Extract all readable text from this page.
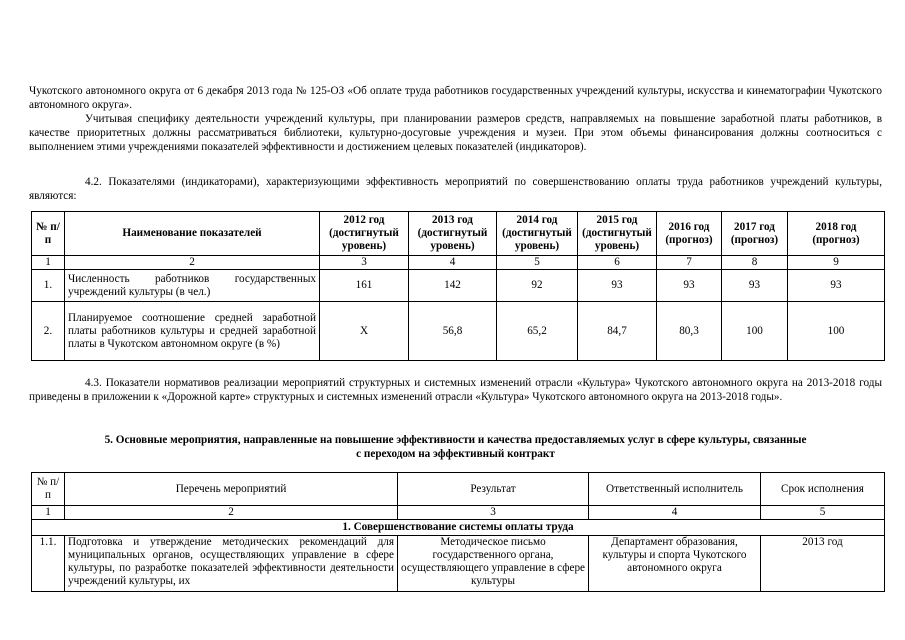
Чукотского автономного округа от 6 декабря 2013 года № 125-ОЗ «Об оплате труда работников государственных учреждений культуры, искусства и кинематографии Чукотского автономного округа».
Учитывая специфику деятельности учреждений культуры, при планировании размеров средств, направляемых на повышение заработной платы работников, в качестве приоритетных должны рассматриваться библиотеки, культурно-досуговые учреждения и музеи. При этом объемы финансирования должны соотноситься с выполнением этими учреждениями показателей эффективности и достижением целевых показателей (индикаторов).
4.2. Показателями (индикаторами), характеризующими эффективность мероприятий по совершенствованию оплаты труда работников учреждений культуры, являются:
№ п/п	Наименование показателей	2012 год (достигнутый уровень)	2013 год (достигнутый уровень)	2014 год (достигнутый уровень)	2015 год (достигнутый уровень)	2016 год (прогноз)	2017 год (прогноз)	2018 год (прогноз)
1	2	3	4	5	6	7	8	9
1.	Численность работников государственных учреждений культуры (в чел.)	161	142	92	93	93	93	93
2.	Планируемое соотношение средней заработной платы работников культуры и средней заработной платы в Чукотском автономном округе (в %)	Х	56,8	65,2	84,7	80,3	100	100
4.3. Показатели нормативов реализации мероприятий структурных и системных изменений отрасли «Культура» Чукотского автономного округа на 2013-2018 годы приведены в приложении к «Дорожной карте» структурных и системных изменений отрасли «Культура» Чукотского автономного округа на 2013-2018 годы».
5. Основные мероприятия, направленные на повышение эффективности и качества предоставляемых услуг в сфере культуры, связанные
с переходом на эффективный контракт
№ п/п	Перечень мероприятий	Результат	Ответственный исполнитель	Срок исполнения
1	2	3	4	5
1. Совершенствование системы оплаты труда				
1.1.	Подготовка и утверждение методических рекомендаций для муниципальных органов, осуществляющих управление в сфере культуры, по разработке показателей эффективности деятельности учреждений культуры, их	Методическое письмо государственного органа, осуществляющего управление в сфере культуры	Департамент образования, культуры и спорта Чукотского автономного округа	2013 год
